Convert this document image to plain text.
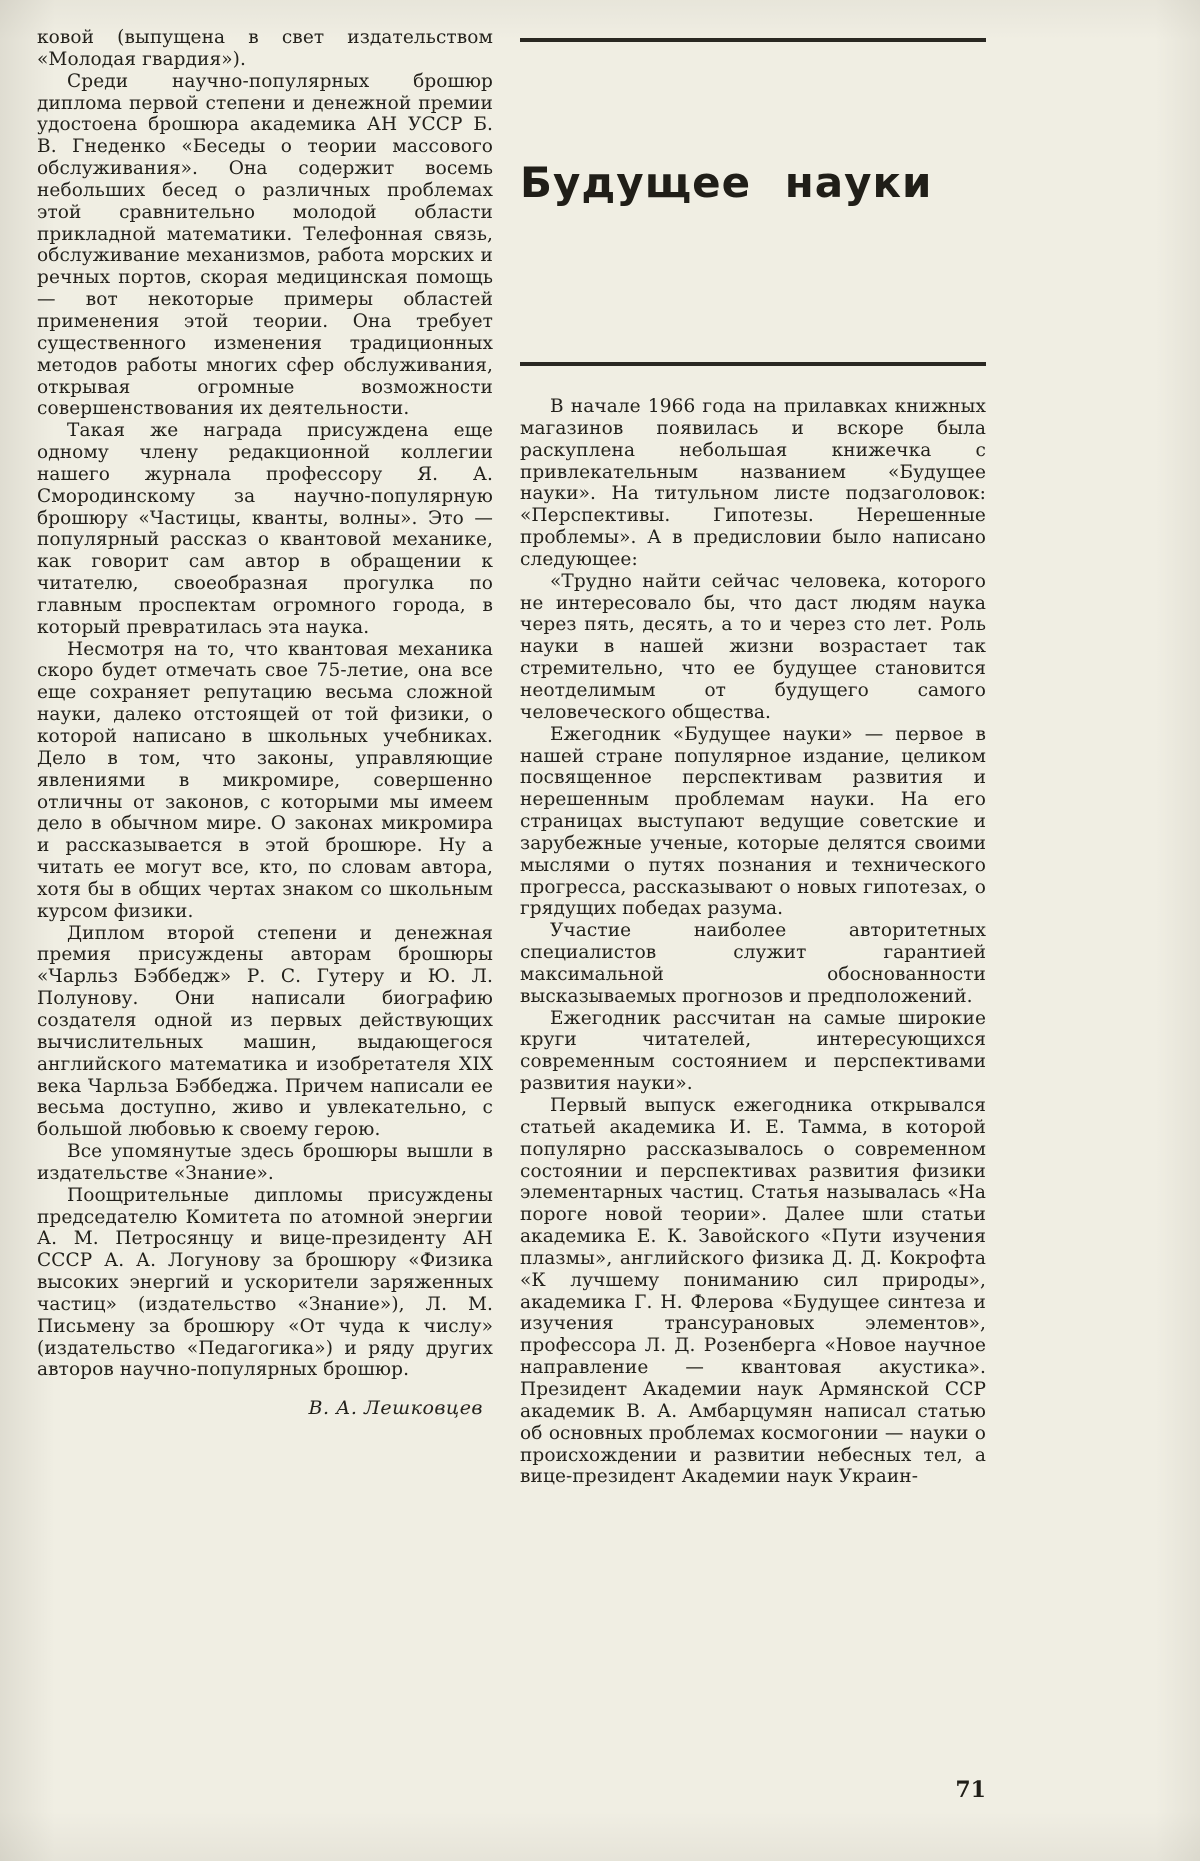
ковой (выпущена в свет издательством «Молодая гвардия»).

Среди научно-популярных брошюр диплома первой степени и денежной премии удостоена брошюра академика АН УССР Б. В. Гнеденко «Беседы о теории массового обслуживания». Она содержит восемь небольших бесед о различных проблемах этой сравнительно молодой области прикладной математики. Телефонная связь, обслуживание механизмов, работа морских и речных портов, скорая медицинская помощь — вот некоторые примеры областей применения этой теории. Она требует существенного изменения традиционных методов работы многих сфер обслуживания, открывая огромные возможности совершенствования их деятельности.

Такая же награда присуждена еще одному члену редакционной коллегии нашего журнала профессору Я. А. Смородинскому за научно-популярную брошюру «Частицы, кванты, волны». Это — популярный рассказ о квантовой механике, как говорит сам автор в обращении к читателю, своеобразная прогулка по главным проспектам огромного города, в который превратилась эта наука.

Несмотря на то, что квантовая механика скоро будет отмечать свое 75-летие, она все еще сохраняет репутацию весьма сложной науки, далеко отстоящей от той физики, о которой написано в школьных учебниках. Дело в том, что законы, управляющие явлениями в микромире, совершенно отличны от законов, с которыми мы имеем дело в обычном мире. О законах микромира и рассказывается в этой брошюре. Ну а читать ее могут все, кто, по словам автора, хотя бы в общих чертах знаком со школьным курсом физики.

Диплом второй степени и денежная премия присуждены авторам брошюры «Чарльз Бэббедж» Р. С. Гутеру и Ю. Л. Полунову. Они написали биографию создателя одной из первых действующих вычислительных машин, выдающегося английского математика и изобретателя XIX века Чарльза Бэббеджа. Причем написали ее весьма доступно, живо и увлекательно, с большой любовью к своему герою.

Все упомянутые здесь брошюры вышли в издательстве «Знание».

Поощрительные дипломы присуждены председателю Комитета по атомной энергии А. М. Петросянцу и вице-президенту АН СССР А. А. Логунову за брошюру «Физика высоких энергий и ускорители заряженных частиц» (издательство «Знание»), Л. М. Письмену за брошюру «От чуда к числу» (издательство «Педагогика») и ряду других авторов научно-популярных брошюр.

В. А. Лешковцев
Будущее науки

В начале 1966 года на прилавках книжных магазинов появилась и вскоре была раскуплена небольшая книжечка с привлекательным названием «Будущее науки». На титульном листе подзаголовок: «Перспективы. Гипотезы. Нерешенные проблемы». А в предисловии было написано следующее:

«Трудно найти сейчас человека, которого не интересовало бы, что даст людям наука через пять, десять, а то и через сто лет. Роль науки в нашей жизни возрастает так стремительно, что ее будущее становится неотделимым от будущего самого человеческого общества.

Ежегодник «Будущее науки» — первое в нашей стране популярное издание, целиком посвященное перспективам развития и нерешенным проблемам науки. На его страницах выступают ведущие советские и зарубежные ученые, которые делятся своими мыслями о путях познания и технического прогресса, рассказывают о новых гипотезах, о грядущих победах разума.

Участие наиболее авторитетных специалистов служит гарантией максимальной обоснованности высказываемых прогнозов и предположений.

Ежегодник рассчитан на самые широкие круги читателей, интересующихся современным состоянием и перспективами развития науки».

Первый выпуск ежегодника открывался статьей академика И. Е. Тамма, в которой популярно рассказывалось о современном состоянии и перспективах развития физики элементарных частиц. Статья называлась «На пороге новой теории». Далее шли статьи академика Е. К. Завойского «Пути изучения плазмы», английского физика Д. Д. Кокрофта «К лучшему пониманию сил природы», академика Г. Н. Флерова «Будущее синтеза и изучения трансурановых элементов», профессора Л. Д. Розенберга «Новое научное направление — квантовая акустика». Президент Академии наук Армянской ССР академик В. А. Амбарцумян написал статью об основных проблемах космогонии — науки о происхождении и развитии небесных тел, а вице-президент Академии наук Украин-

71
